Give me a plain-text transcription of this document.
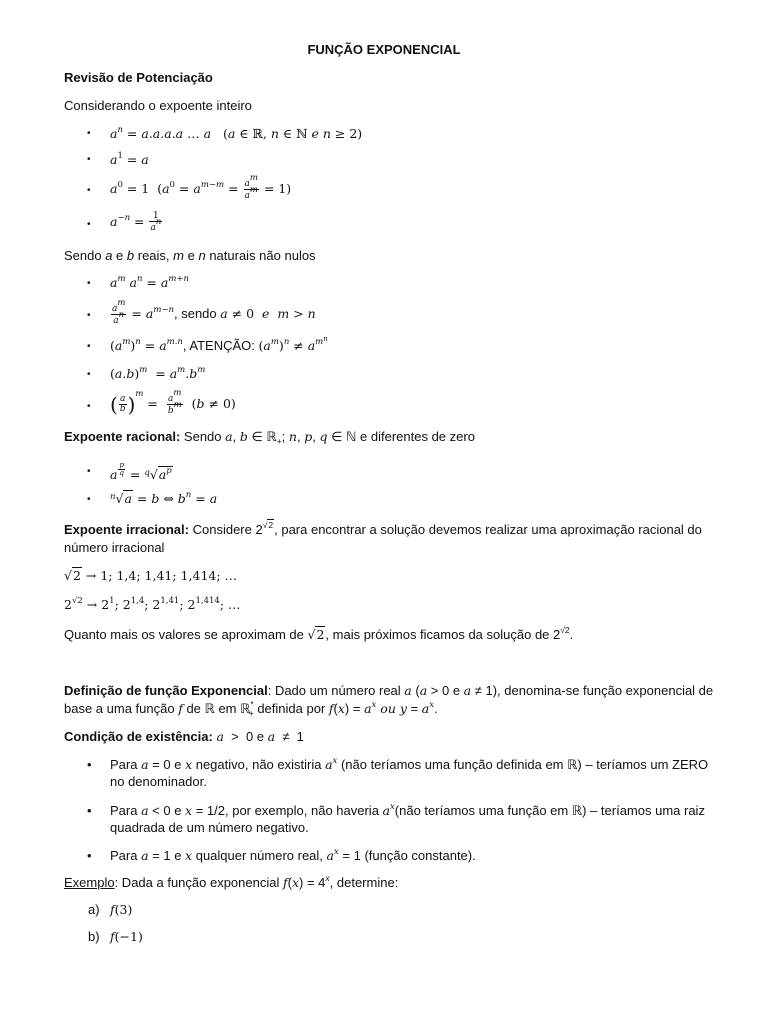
FUNÇÃO EXPONENCIAL
Revisão de Potenciação
Considerando o expoente inteiro
• $a^n = a.a.a.a$ … a   (a ∈ ℝ, n ∈ ℕ e n ≥ 2)
• $a^1 = a$
• $a^0 = 1$  $(a^0 = a^{m-m} = \frac{a^m}{a^m} = 1)$
• $a^{-n} = \frac{1}{a^n}$
Sendo a e b reais, m e n naturais não nulos
• $a^m$ $a^n = a^{m+n}$
• $\frac{a^m}{a^n} = a^{m-n}$, sendo a ≠ 0  e m > n
• $(a^m)^n = a^{m.n}$, ATENÇÃO: $(a^m)^n \ne a^{m^n}$
• $(a.b)^m = a^m.b^m$
• ( $\frac{a}{b} )^m = \frac{a^m}{b^m} (b \ne 0)$
Expoente racional: Sendo a, b ∈ ℝ$_+$; n, p, q ∈ ℕ e diferentes de zero
• a $^{\frac{p}{q}} = ^q√a^p$
• $^n$√a = b ⇔ $b^n = a$
Expoente irracional: Considere $2^{√2}$, para encontrar a solução devemos realizar uma aproximação racional do
número irracional
√2 → 1; 1,4; 1,41; 1,414; …
$2^{√2} \to 2^1$; 2$^{1,4}$; 2$^{1,41}$; 2$^{1,414}$; …
Quanto mais os valores se aproximam de √2, mais próximos ficamos da solução de $2^{√2}$.
Definição de função Exponencial: Dado um número real a (a > 0 e a ≠ 1), denomina-se função exponencial de
base a uma função f de ℝ em ℝ*$_+$ definida por $f(x) = a^x$ ou $y = a^x$.
Condição de existência: a  >  0 e a  ≠  1
• Para a = 0 e x negativo, não existiria $a^x$ (não teríamos uma função definida em ℝ) – teríamos um ZERO
no denominador.
• Para a < 0 e x = 1/2, por exemplo, não haveria $a^x(não$ teríamos uma função em ℝ) – teríamos uma raiz
quadrada de um número negativo.
• Para a = 1 e x qualquer número real, $a^x = 1$ (função constante).
Exemplo: Dada a função exponencial $f(x) = 4^x$, determine:
a) f(3)
b) f(−1)
